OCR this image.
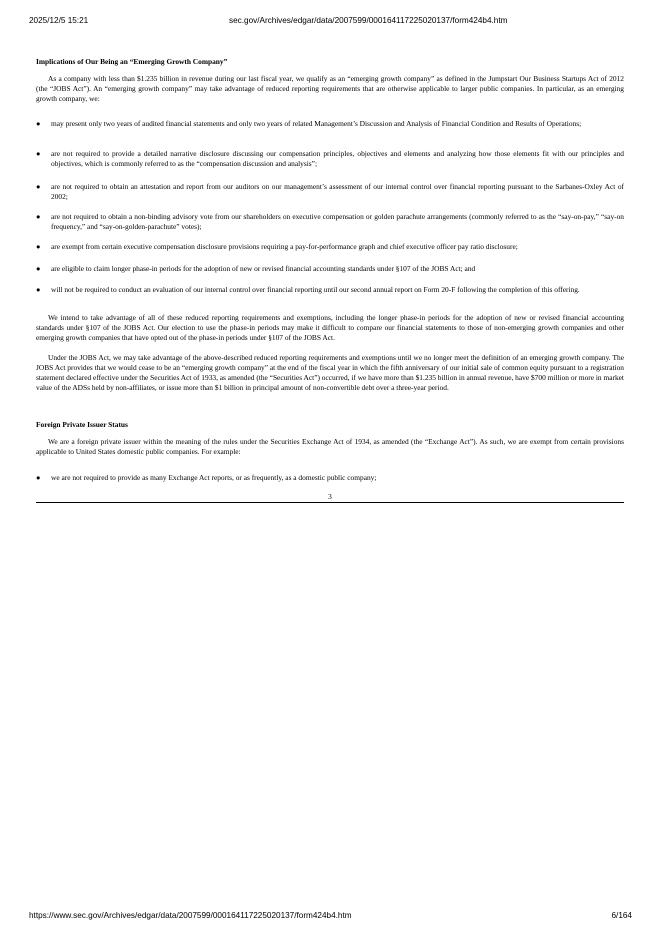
2025/12/5 15:21	sec.gov/Archives/edgar/data/2007599/000164117225020137/form424b4.htm
Implications of Our Being an “Emerging Growth Company”
As a company with less than $1.235 billion in revenue during our last fiscal year, we qualify as an “emerging growth company” as defined in the Jumpstart Our Business Startups Act of 2012 (the “JOBS Act”). An “emerging growth company” may take advantage of reduced reporting requirements that are otherwise applicable to larger public companies. In particular, as an emerging growth company, we:
● may present only two years of audited financial statements and only two years of related Management’s Discussion and Analysis of Financial Condition and Results of Operations;
● are not required to provide a detailed narrative disclosure discussing our compensation principles, objectives and elements and analyzing how those elements fit with our principles and objectives, which is commonly referred to as the “compensation discussion and analysis”;
● are not required to obtain an attestation and report from our auditors on our management’s assessment of our internal control over financial reporting pursuant to the Sarbanes-Oxley Act of 2002;
● are not required to obtain a non-binding advisory vote from our shareholders on executive compensation or golden parachute arrangements (commonly referred to as the “say-on-pay,” “say-on frequency,” and “say-on-golden-parachute” votes);
● are exempt from certain executive compensation disclosure provisions requiring a pay-for-performance graph and chief executive officer pay ratio disclosure;
● are eligible to claim longer phase-in periods for the adoption of new or revised financial accounting standards under §107 of the JOBS Act; and
● will not be required to conduct an evaluation of our internal control over financial reporting until our second annual report on Form 20-F following the completion of this offering.
We intend to take advantage of all of these reduced reporting requirements and exemptions, including the longer phase-in periods for the adoption of new or revised financial accounting standards under §107 of the JOBS Act. Our election to use the phase-in periods may make it difficult to compare our financial statements to those of non-emerging growth companies and other emerging growth companies that have opted out of the phase-in periods under §107 of the JOBS Act.
Under the JOBS Act, we may take advantage of the above-described reduced reporting requirements and exemptions until we no longer meet the definition of an emerging growth company. The JOBS Act provides that we would cease to be an “emerging growth company” at the end of the fiscal year in which the fifth anniversary of our initial sale of common equity pursuant to a registration statement declared effective under the Securities Act of 1933, as amended (the “Securities Act”) occurred, if we have more than $1.235 billion in annual revenue, have $700 million or more in market value of the ADSs held by non-affiliates, or issue more than $1 billion in principal amount of non-convertible debt over a three-year period.
Foreign Private Issuer Status
We are a foreign private issuer within the meaning of the rules under the Securities Exchange Act of 1934, as amended (the “Exchange Act”). As such, we are exempt from certain provisions applicable to United States domestic public companies. For example:
● we are not required to provide as many Exchange Act reports, or as frequently, as a domestic public company;
3
https://www.sec.gov/Archives/edgar/data/2007599/000164117225020137/form424b4.htm	6/164
